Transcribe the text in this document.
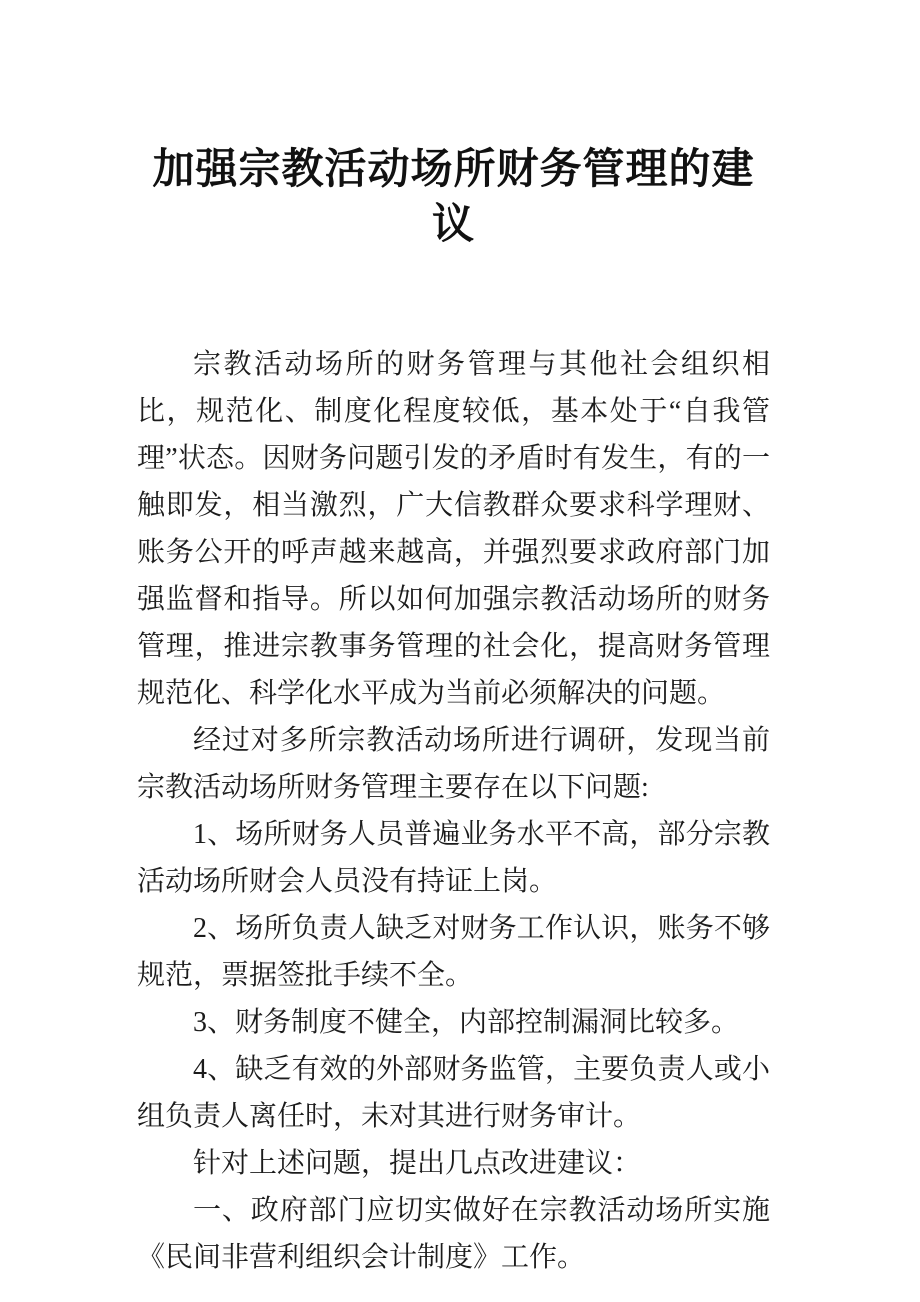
加强宗教活动场所财务管理的建议

宗教活动场所的财务管理与其他社会组织相比，规范化、制度化程度较低，基本处于“自我管理”状态。因财务问题引发的矛盾时有发生，有的一触即发，相当激烈，广大信教群众要求科学理财、账务公开的呼声越来越高，并强烈要求政府部门加强监督和指导。所以如何加强宗教活动场所的财务管理，推进宗教事务管理的社会化，提高财务管理规范化、科学化水平成为当前必须解决的问题。

经过对多所宗教活动场所进行调研，发现当前宗教活动场所财务管理主要存在以下问题:

1、场所财务人员普遍业务水平不高，部分宗教活动场所财会人员没有持证上岗。

2、场所负责人缺乏对财务工作认识，账务不够规范，票据签批手续不全。

3、财务制度不健全，内部控制漏洞比较多。

4、缺乏有效的外部财务监管，主要负责人或小组负责人离任时，未对其进行财务审计。

针对上述问题，提出几点改进建议：

一、政府部门应切实做好在宗教活动场所实施《民间非营利组织会计制度》工作。
